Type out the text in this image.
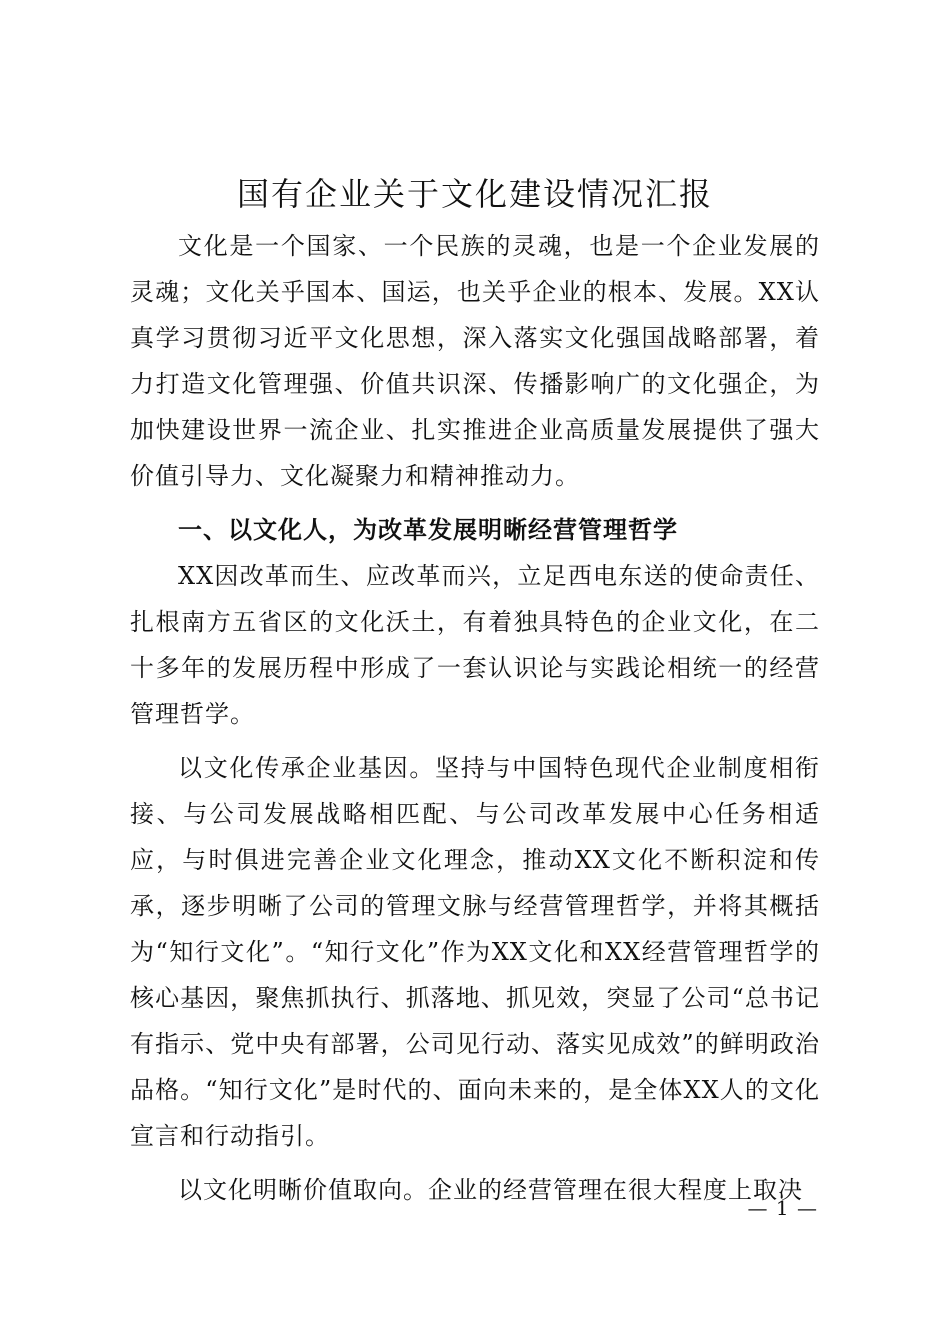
国有企业关于文化建设情况汇报

文化是一个国家、一个民族的灵魂，也是一个企业发展的灵魂；文化关乎国本、国运，也关乎企业的根本、发展。XX认真学习贯彻习近平文化思想，深入落实文化强国战略部署，着力打造文化管理强、价值共识深、传播影响广的文化强企，为加快建设世界一流企业、扎实推进企业高质量发展提供了强大价值引导力、文化凝聚力和精神推动力。

一、以文化人，为改革发展明晰经营管理哲学

XX因改革而生、应改革而兴，立足西电东送的使命责任、扎根南方五省区的文化沃土，有着独具特色的企业文化，在二十多年的发展历程中形成了一套认识论与实践论相统一的经营管理哲学。

以文化传承企业基因。坚持与中国特色现代企业制度相衔接、与公司发展战略相匹配、与公司改革发展中心任务相适应，与时俱进完善企业文化理念，推动XX文化不断积淀和传承，逐步明晰了公司的管理文脉与经营管理哲学，并将其概括为“知行文化”。“知行文化”作为XX文化和XX经营管理哲学的核心基因，聚焦抓执行、抓落地、抓见效，突显了公司“总书记有指示、党中央有部署，公司见行动、落实见成效”的鲜明政治品格。“知行文化”是时代的、面向未来的，是全体XX人的文化宣言和行动指引。

以文化明晰价值取向。企业的经营管理在很大程度上取决

— 1 —
